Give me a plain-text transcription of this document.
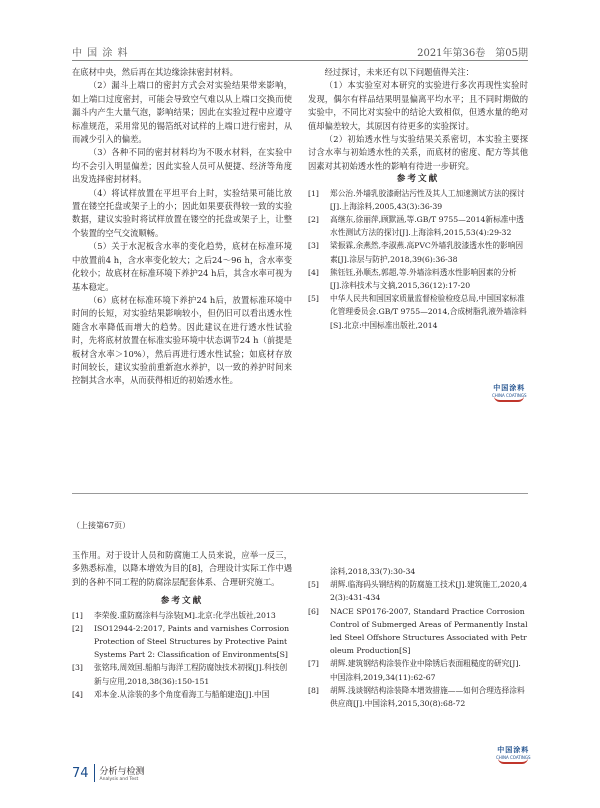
中 国 涂 料	2021年第36卷　第05期

在底材中央，然后再在其边缘涂抹密封材料。

（2）漏斗上端口的密封方式会对实验结果带来影响，如上端口过度密封，可能会导致空气难以从上端口交换而使漏斗内产生大量气泡，影响结果；因此在实验过程中应遵守标准规范，采用常见的锡箔纸对试样的上端口进行密封，从而减少引入的偏差。

（3）各种不同的密封材料均为不吸水材料，在实验中均不会引入明显偏差；因此实验人员可从便捷、经济等角度出发选择密封材料。

（4）将试样放置在平坦平台上时，实验结果可能比放置在镂空托盘或架子上的小；因此如果要获得较一致的实验数据，建议实验时将试样放置在镂空的托盘或架子上，让整个装置的空气交流顺畅。

（5）关于水泥板含水率的变化趋势，底材在标准环境中放置前4 h，含水率变化较大；之后24～96 h，含水率变化较小；故底材在标准环境下养护24 h后，其含水率可视为基本稳定。

（6）底材在标准环境下养护24 h后，放置标准环境中时间的长短，对实验结果影响较小，但仍旧可以看出透水性随含水率降低而增大的趋势。因此建议在进行透水性试验时，先将底材放置在标准实验环境中状态调节24 h（前提是板材含水率＞10%），然后再进行透水性试验；如底材存放时间较长，建议实验前重新泡水养护，以一致的养护时间来控制其含水率，从而获得相近的初始透水性。

经过探讨，未来还有以下问题值得关注：

（1）本实验室对本研究的实验进行多次再现性实验时发现，偶尔有样品结果明显偏离平均水平；且不同时期做的实验中，不同比对实验中的结论大致相似，但透水量的绝对值却偏差较大，其原因有待更多的实验探讨。

（2）初始透水性与实验结果关系密切，本实验主要探讨含水率与初始透水性的关系，而底材的密度、配方等其他因素对其初始透水性的影响有待进一步研究。

参考文献

[1]	郑公治.外墙乳胶漆耐沾污性及其人工加速测试方法的探讨[J].上海涂料,2005,43(3):36-39
[2]	高继东,徐丽萍,顾默涵,等.GB/T 9755—2014新标准中透水性测试方法的探讨[J].上海涂料,2015,53(4):29-32
[3]	梁振霖,余燕然,李淑燕.高PVC外墙乳胶漆透水性的影响因素[J].涂层与防护,2018,39(6):36-38
[4]	熊钰钰,孙顺杰,郭超,等.外墙涂料透水性影响因素的分析[J].涂料技术与文摘,2015,36(12):17-20
[5]	中华人民共和国国家质量监督检验检疫总局,中国国家标准化管理委员会.GB/T 9755—2014,合成树脂乳液外墙涂料[S].北京:中国标准出版社,2014
中国涂料
CHINA COATINGS
（上接第67页）

玉作用。对于设计人员和防腐施工人员来说，应举一反三，多熟悉标准，以降本增效为目的[8]，合理设计实际工作中遇到的各种不同工程的防腐涂层配套体系、合理研究施工。

参考文献

[1]	李荣俊.重防腐涂料与涂装[M].北京:化学出版社,2013
[2]	ISO12944-2:2017, Paints and varnishes Corrosion Protection of Steel Structures by Protective Paint Systems Part 2: Classification of Environments[S]
[3]	张铭玮,周效国.船舶与海洋工程防腐蚀技术初探[J].科技创新与应用,2018,38(36):150-151
[4]	邓本金.从涂装的多个角度看海工与船舶建造[J].中国
涂料,2018,33(7):30-34
[5]	胡辉.临海码头钢结构的防腐施工技术[J].建筑施工,2020,42(3):431-434
[6]	NACE SP0176-2007, Standard Practice Corrosion Control of Submerged Areas of Permanently Installed Steel Offshore Structures Associated with Petroleum Production[S]
[7]	胡辉.建筑钢结构涂装作业中除锈后表面粗糙度的研究[J].中国涂料,2019,34(11):62-67
[8]	胡辉.浅谈钢结构涂装降本增效措施——如何合理选择涂料供应商[J].中国涂料,2015,30(8):68-72
中国涂料
CHINA COATINGS
74 分析与检测
Analysis and Test
